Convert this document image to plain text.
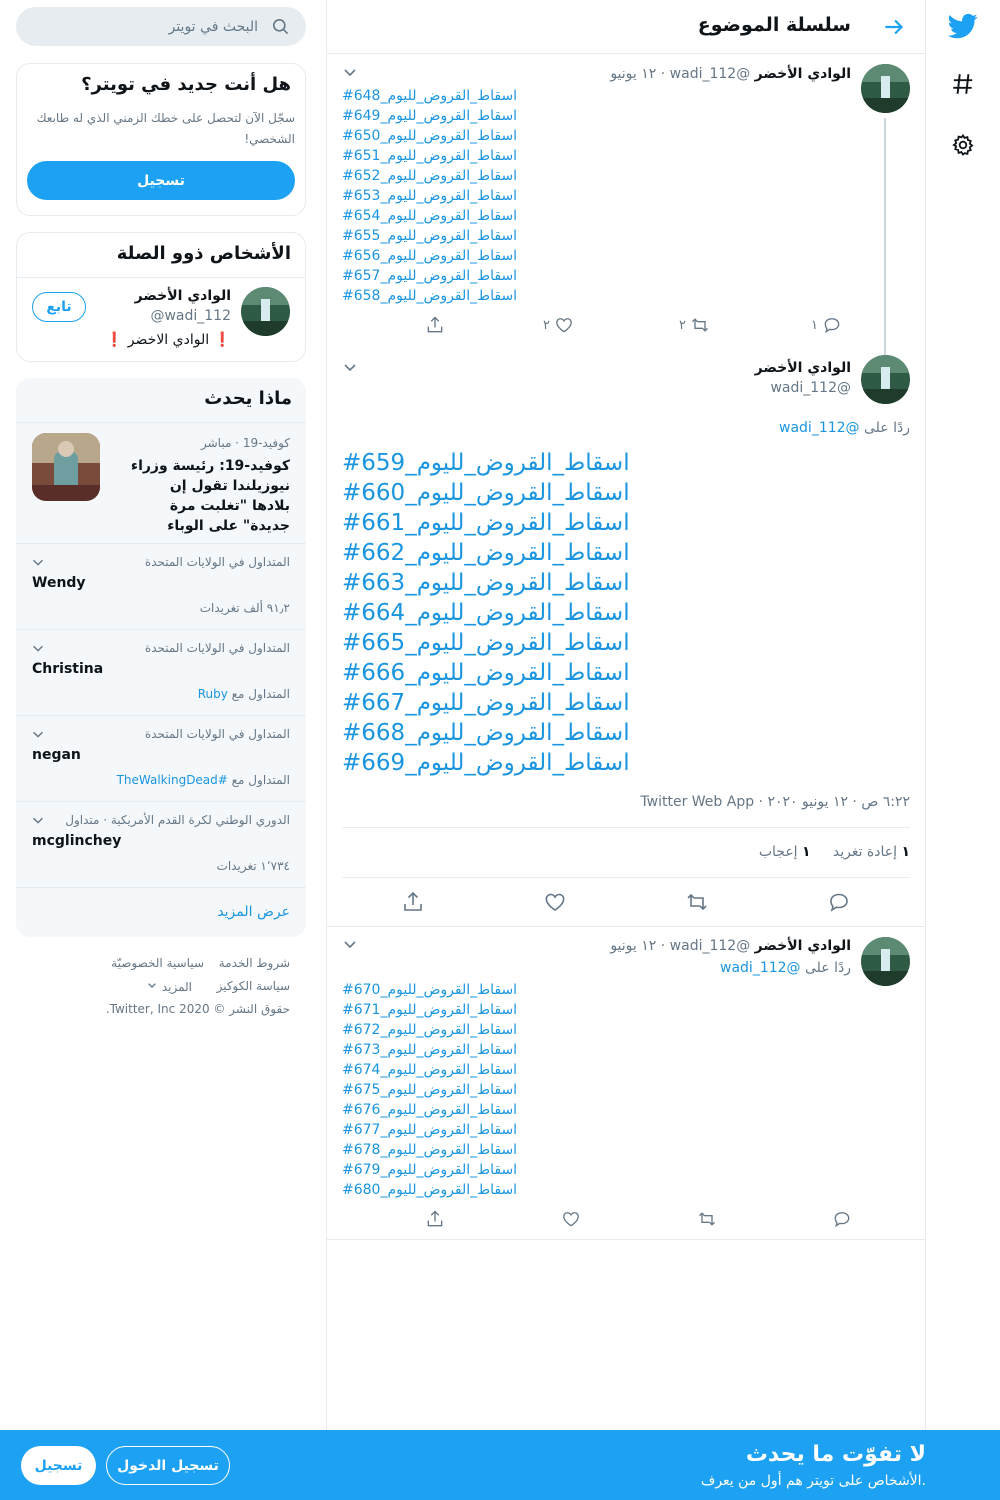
سلسلة الموضوع
الوادي الأخضر @wadi_112 · ١٢ يونيو
#اسقاط_القروض_لليوم_648
#اسقاط_القروض_لليوم_649
#اسقاط_القروض_لليوم_650
#اسقاط_القروض_لليوم_651
#اسقاط_القروض_لليوم_652
#اسقاط_القروض_لليوم_653
#اسقاط_القروض_لليوم_654
#اسقاط_القروض_لليوم_655
#اسقاط_القروض_لليوم_656
#اسقاط_القروض_لليوم_657
#اسقاط_القروض_لليوم_658
١
٢
٢
الوادي الأخضر
@wadi_112
ردًا على @wadi_112
#اسقاط_القروض_لليوم_659
#اسقاط_القروض_لليوم_660
#اسقاط_القروض_لليوم_661
#اسقاط_القروض_لليوم_662
#اسقاط_القروض_لليوم_663
#اسقاط_القروض_لليوم_664
#اسقاط_القروض_لليوم_665
#اسقاط_القروض_لليوم_666
#اسقاط_القروض_لليوم_667
#اسقاط_القروض_لليوم_668
#اسقاط_القروض_لليوم_669
٦:٢٢ ص · ١٢ يونيو ٢٠٢٠ · Twitter Web App
١ إعادة تغريد     ١ إعجاب
الوادي الأخضر @wadi_112 · ١٢ يونيو
ردًا على @wadi_112
#اسقاط_القروض_لليوم_670
#اسقاط_القروض_لليوم_671
#اسقاط_القروض_لليوم_672
#اسقاط_القروض_لليوم_673
#اسقاط_القروض_لليوم_674
#اسقاط_القروض_لليوم_675
#اسقاط_القروض_لليوم_676
#اسقاط_القروض_لليوم_677
#اسقاط_القروض_لليوم_678
#اسقاط_القروض_لليوم_679
#اسقاط_القروض_لليوم_680
البحث في تويتر
هل أنت جديد في تويتر؟
سجّل الآن لتحصل على خطك الزمني الذي له طابعك الشخصي!
تسجيل
الأشخاص ذوو الصلة
الوادي الأخضر
@wadi_112
❗ الوادي الاخضر ❗
تابع
ماذا يحدث
كوفيد-19 · مباشر
كوفيد-19: رئيسة وزراء نيوزيلندا تقول إن بلادها "تغلبت مرة جديدة" على الوباء
المتداول في الولايات المتحدة
Wendy
٩١٫٢ ألف تغريدات
المتداول في الولايات المتحدة
Christina
المتداول مع Ruby
المتداول في الولايات المتحدة
negan
المتداول مع #TheWalkingDead
الدوري الوطني لكرة القدم الأمريكية · متداول
mcglinchey
١٬٧٣٤ تغريدات
عرض المزيد
شروط الخدمة
سياسية الخصوصيّة
سياسة الكوكيز
المزيد
حقوق النشر © 2020 Twitter, Inc.
لا تفوّت ما يحدث
الأشخاص على تويتر هم أول من يعرف.
تسجيل الدخول
تسجيل
